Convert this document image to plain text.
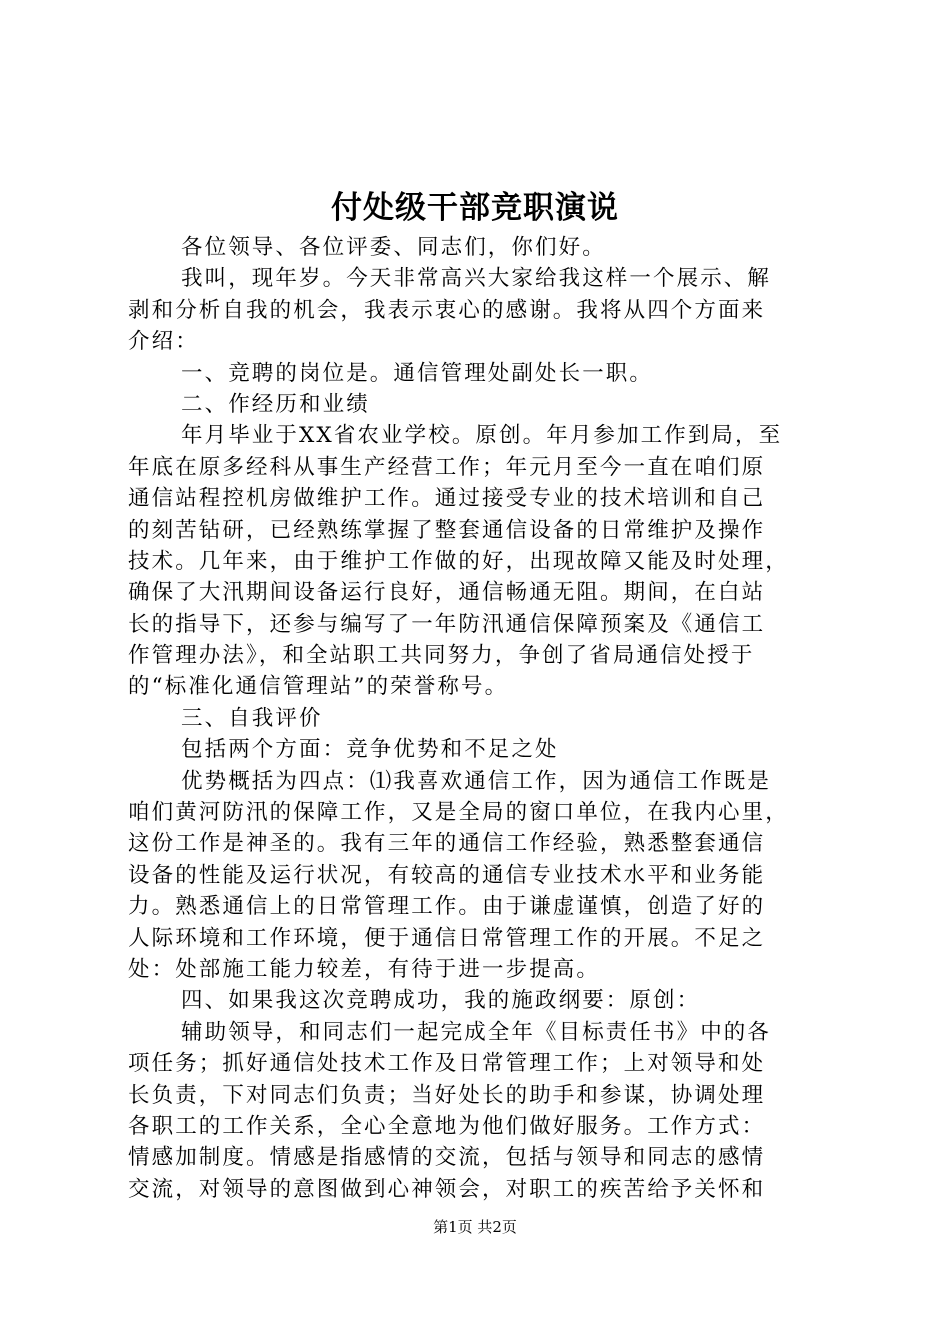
付处级干部竞职演说
各位领导、各位评委、同志们，你们好。
我叫，现年岁。今天非常高兴大家给我这样一个展示、解
剥和分析自我的机会，我表示衷心的感谢。我将从四个方面来
介绍：
一、竞聘的岗位是。通信管理处副处长一职。
二、作经历和业绩
年月毕业于XX省农业学校。原创。年月参加工作到局，至
年底在原多经科从事生产经营工作；年元月至今一直在咱们原
通信站程控机房做维护工作。通过接受专业的技术培训和自己
的刻苦钻研，已经熟练掌握了整套通信设备的日常维护及操作
技术。几年来，由于维护工作做的好，出现故障又能及时处理，
确保了大汛期间设备运行良好，通信畅通无阻。期间，在白站
长的指导下，还参与编写了一年防汛通信保障预案及《通信工
作管理办法》，和全站职工共同努力，争创了省局通信处授于
的“标准化通信管理站”的荣誉称号。
三、自我评价
包括两个方面：竞争优势和不足之处
优势概括为四点：⑴我喜欢通信工作，因为通信工作既是
咱们黄河防汛的保障工作，又是全局的窗口单位，在我内心里，
这份工作是神圣的。我有三年的通信工作经验，熟悉整套通信
设备的性能及运行状况，有较高的通信专业技术水平和业务能
力。熟悉通信上的日常管理工作。由于谦虚谨慎，创造了好的
人际环境和工作环境，便于通信日常管理工作的开展。不足之
处：处部施工能力较差，有待于进一步提高。
四、如果我这次竞聘成功，我的施政纲要：原创：
辅助领导，和同志们一起完成全年《目标责任书》中的各
项任务；抓好通信处技术工作及日常管理工作；上对领导和处
长负责，下对同志们负责；当好处长的助手和参谋，协调处理
各职工的工作关系，全心全意地为他们做好服务。工作方式：
情感加制度。情感是指感情的交流，包括与领导和同志的感情
交流，对领导的意图做到心神领会，对职工的疾苦给予关怀和
第1页 共2页
